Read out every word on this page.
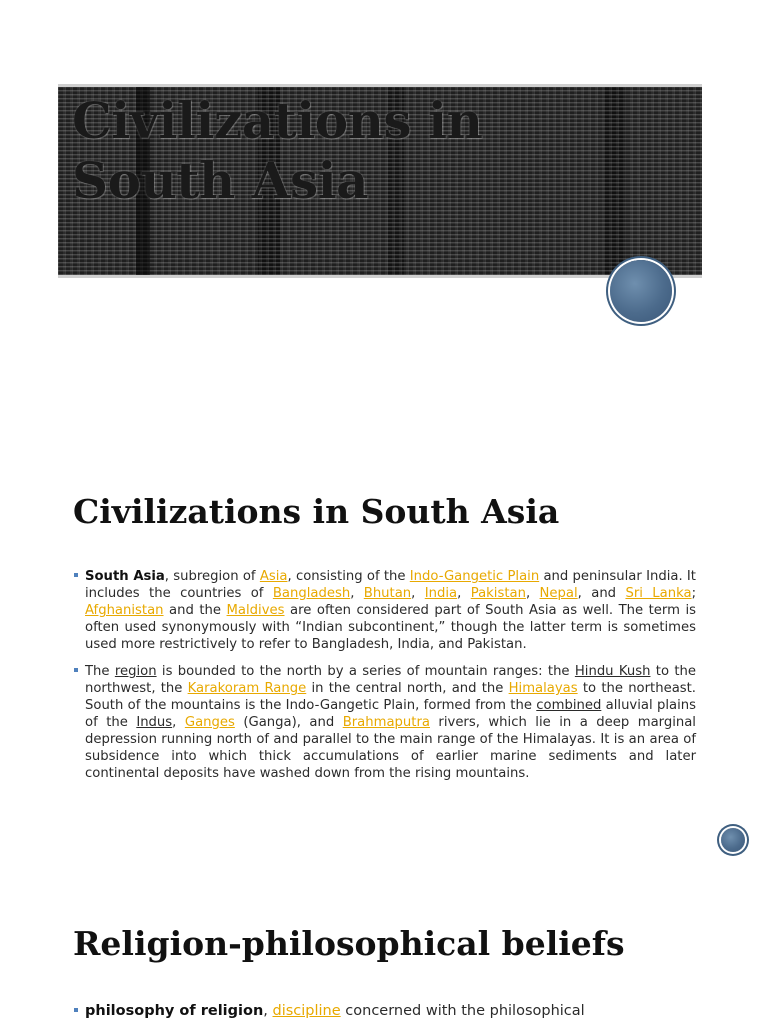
Civilizations in
South Asia
Civilizations in South Asia
South Asia, subregion of Asia, consisting of the Indo-Gangetic Plain and peninsular India. It includes the countries of Bangladesh, Bhutan, India, Pakistan, Nepal, and Sri Lanka; Afghanistan and the Maldives are often considered part of South Asia as well. The term is often used synonymously with “Indian subcontinent,” though the latter term is sometimes used more restrictively to refer to Bangladesh, India, and Pakistan.
The region is bounded to the north by a series of mountain ranges: the Hindu Kush to the northwest, the Karakoram Range in the central north, and the Himalayas to the northeast. South of the mountains is the Indo-Gangetic Plain, formed from the combined alluvial plains of the Indus, Ganges (Ganga), and Brahmaputra rivers, which lie in a deep marginal depression running north of and parallel to the main range of the Himalayas. It is an area of subsidence into which thick accumulations of earlier marine sediments and later continental deposits have washed down from the rising mountains.
Religion-philosophical beliefs
philosophy of religion, discipline concerned with the philosophical
